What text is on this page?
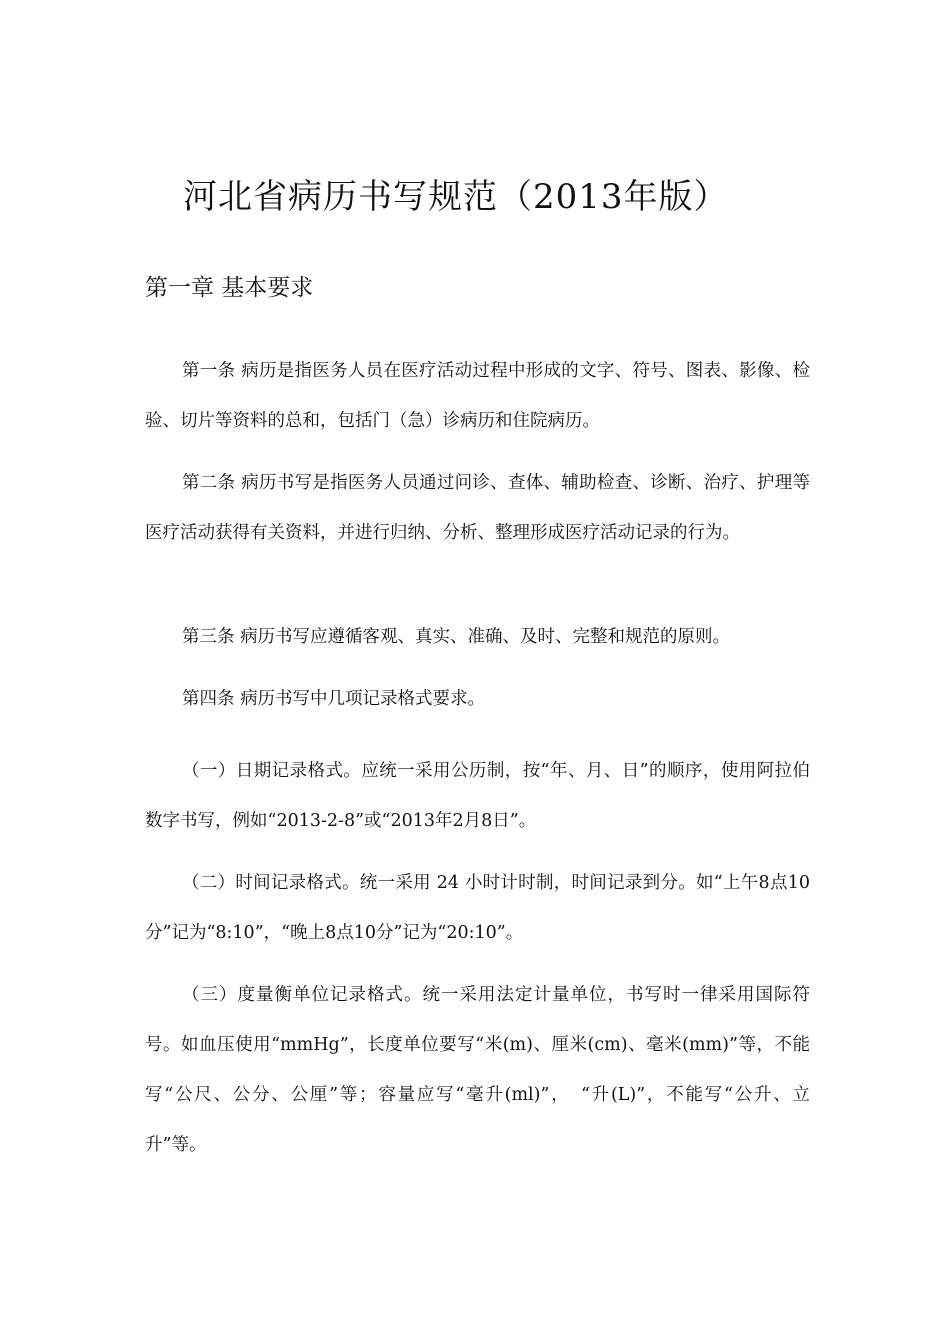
河北省病历书写规范（2013年版）
第一章 基本要求

第一条 病历是指医务人员在医疗活动过程中形成的文字、符号、图表、影像、检验、切片等资料的总和，包括门（急）诊病历和住院病历。

第二条 病历书写是指医务人员通过问诊、查体、辅助检查、诊断、治疗、护理等医疗活动获得有关资料，并进行归纳、分析、整理形成医疗活动记录的行为。

第三条 病历书写应遵循客观、真实、准确、及时、完整和规范的原则。

第四条 病历书写中几项记录格式要求。

（一）日期记录格式。应统一采用公历制，按“年、月、日”的顺序，使用阿拉伯数字书写，例如“2013-2-8”或“2013年2月8日”。

（二）时间记录格式。统一采用 24 小时计时制，时间记录到分。如“上午8点10分”记为“8:10”，“晚上8点10分”记为“20:10”。

（三）度量衡单位记录格式。统一采用法定计量单位，书写时一律采用国际符号。如血压使用“mmHg”，长度单位要写“米(m)、厘米(cm)、毫米(mm)”等，不能写“公尺、公分、公厘”等；容量应写“毫升(ml)”，　“升(L)”，不能写“公升、立升”等。
